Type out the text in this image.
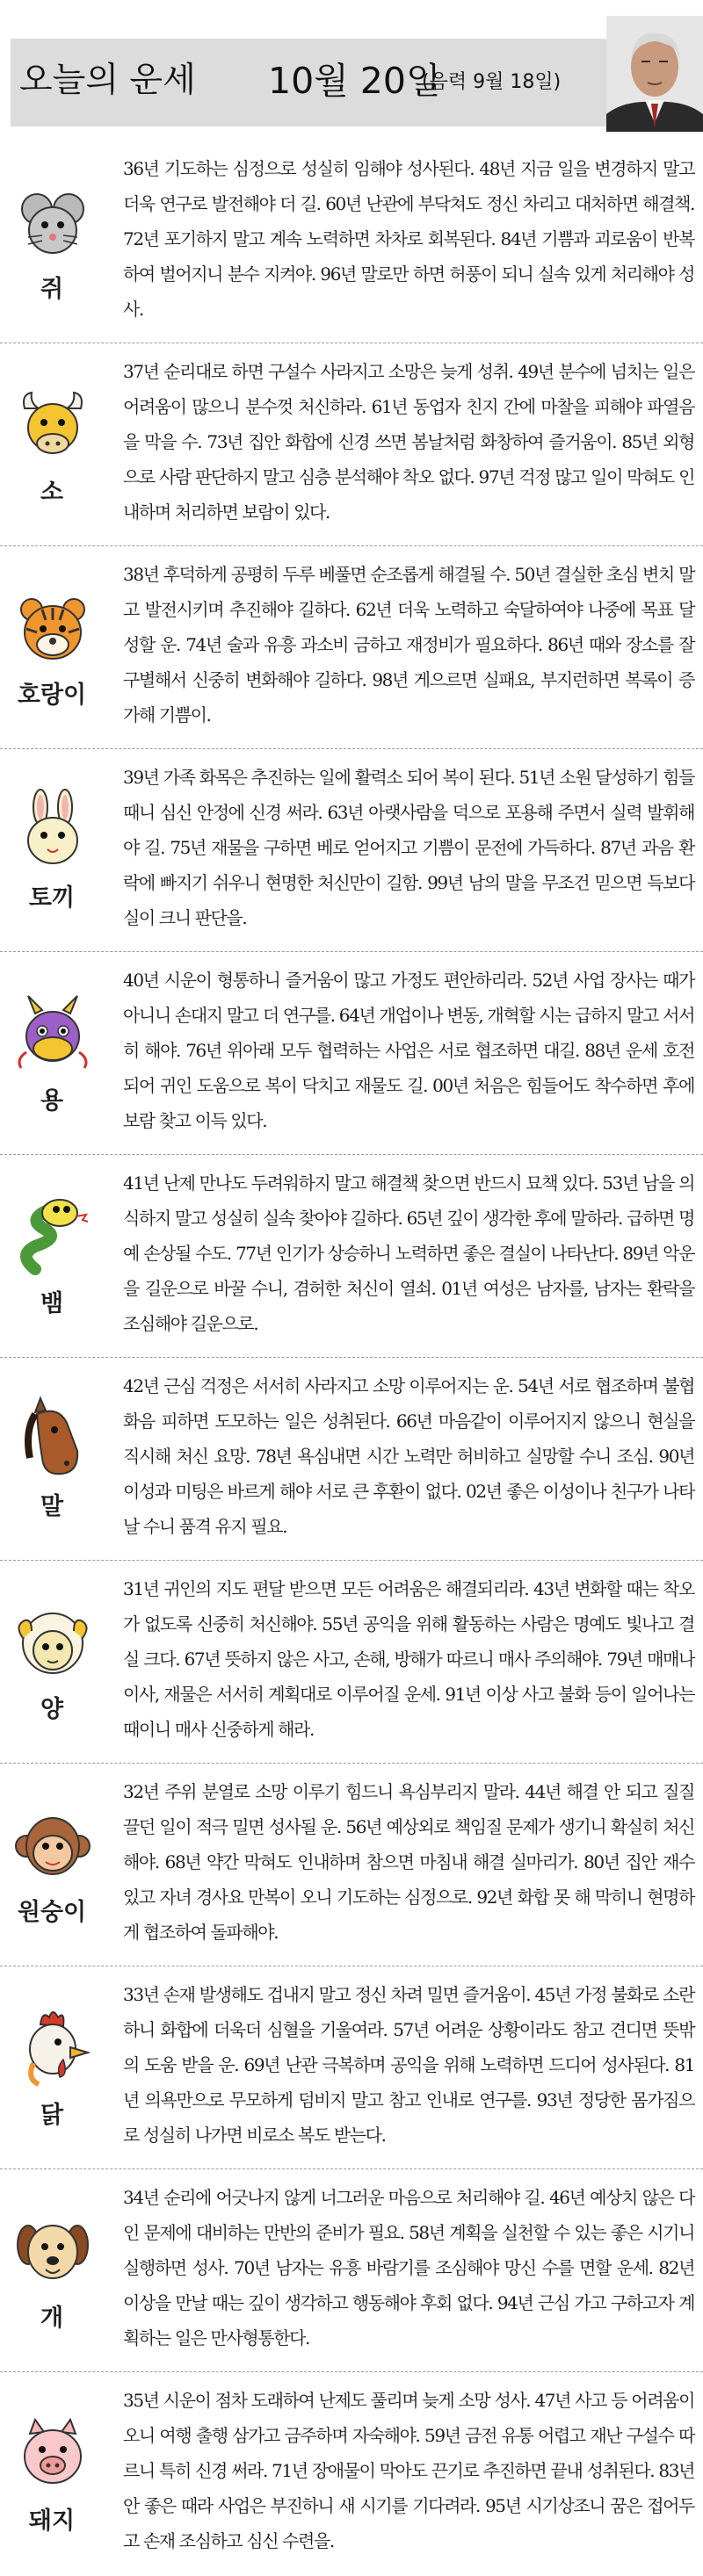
오늘의 운세 10월 20일
(음력 9월 18일)
쥐
36년 기도하는 심정으로 성실히 임해야 성사된다. 48년 지금 일을 변경하지 말고 더욱 연구로 발전해야 더 길. 60년 난관에 부닥쳐도 정신 차리고 대처하면 해결책. 72년 포기하지 말고 계속 노력하면 차차로 회복된다. 84년 기쁨과 괴로움이 반복하여 벌어지니 분수 지켜야. 96년 말로만 하면 허풍이 되니 실속 있게 처리해야 성사.
소
37년 순리대로 하면 구설수 사라지고 소망은 늦게 성취. 49년 분수에 넘치는 일은 어려움이 많으니 분수껏 처신하라. 61년 동업자 친지 간에 마찰을 피해야 파열음을 막을 수. 73년 집안 화합에 신경 쓰면 봄날처럼 화창하여 즐거움이. 85년 외형으로 사람 판단하지 말고 심층 분석해야 착오 없다. 97년 걱정 많고 일이 막혀도 인내하며 처리하면 보람이 있다.
호랑이
38년 후덕하게 공평히 두루 베풀면 순조롭게 해결될 수. 50년 결실한 초심 변치 말고 발전시키며 추진해야 길하다. 62년 더욱 노력하고 숙달하여야 나중에 목표 달성할 운. 74년 술과 유흥 과소비 금하고 재정비가 필요하다. 86년 때와 장소를 잘 구별해서 신중히 변화해야 길하다. 98년 게으르면 실패요, 부지런하면 복록이 증가해 기쁨이.
토끼
39년 가족 화목은 추진하는 일에 활력소 되어 복이 된다. 51년 소원 달성하기 힘들 때니 심신 안정에 신경 써라. 63년 아랫사람을 덕으로 포용해 주면서 실력 발휘해야 길. 75년 재물을 구하면 베로 얻어지고 기쁨이 문전에 가득하다. 87년 과음 환락에 빠지기 쉬우니 현명한 처신만이 길함. 99년 남의 말을 무조건 믿으면 득보다 실이 크니 판단을.
용
40년 시운이 형통하니 즐거움이 많고 가정도 편안하리라. 52년 사업 장사는 때가 아니니 손대지 말고 더 연구를. 64년 개업이나 변동, 개혁할 시는 급하지 말고 서서히 해야. 76년 위아래 모두 협력하는 사업은 서로 협조하면 대길. 88년 운세 호전되어 귀인 도움으로 복이 닥치고 재물도 길. 00년 처음은 힘들어도 착수하면 후에 보람 찾고 이득 있다.
뱀
41년 난제 만나도 두려워하지 말고 해결책 찾으면 반드시 묘책 있다. 53년 남을 의식하지 말고 성실히 실속 찾아야 길하다. 65년 깊이 생각한 후에 말하라. 급하면 명예 손상될 수도. 77년 인기가 상승하니 노력하면 좋은 결실이 나타난다. 89년 악운을 길운으로 바꿀 수니, 겸허한 처신이 열쇠. 01년 여성은 남자를, 남자는 환락을 조심해야 길운으로.
말
42년 근심 걱정은 서서히 사라지고 소망 이루어지는 운. 54년 서로 협조하며 불협화음 피하면 도모하는 일은 성취된다. 66년 마음같이 이루어지지 않으니 현실을 직시해 처신 요망. 78년 욕심내면 시간 노력만 허비하고 실망할 수니 조심. 90년 이성과 미팅은 바르게 해야 서로 큰 후환이 없다. 02년 좋은 이성이나 친구가 나타날 수니 품격 유지 필요.
양
31년 귀인의 지도 편달 받으면 모든 어려움은 해결되리라. 43년 변화할 때는 착오가 없도록 신중히 처신해야. 55년 공익을 위해 활동하는 사람은 명예도 빛나고 결실 크다. 67년 뜻하지 않은 사고, 손해, 방해가 따르니 매사 주의해야. 79년 매매나 이사, 재물은 서서히 계획대로 이루어질 운세. 91년 이상 사고 불화 등이 일어나는 때이니 매사 신중하게 해라.
원숭이
32년 주위 분열로 소망 이루기 힘드니 욕심부리지 말라. 44년 해결 안 되고 질질 끌던 일이 적극 밀면 성사될 운. 56년 예상외로 책임질 문제가 생기니 확실히 처신해야. 68년 약간 막혀도 인내하며 참으면 마침내 해결 실마리가. 80년 집안 재수 있고 자녀 경사요 만복이 오니 기도하는 심정으로. 92년 화합 못 해 막히니 현명하게 협조하여 돌파해야.
닭
33년 손재 발생해도 겁내지 말고 정신 차려 밀면 즐거움이. 45년 가정 불화로 소란하니 화합에 더욱더 심혈을 기울여라. 57년 어려운 상황이라도 참고 견디면 뜻밖의 도움 받을 운. 69년 난관 극복하며 공익을 위해 노력하면 드디어 성사된다. 81년 의욕만으로 무모하게 덤비지 말고 참고 인내로 연구를. 93년 정당한 몸가짐으로 성실히 나가면 비로소 복도 받는다.
개
34년 순리에 어긋나지 않게 너그러운 마음으로 처리해야 길. 46년 예상치 않은 다인 문제에 대비하는 만반의 준비가 필요. 58년 계획을 실천할 수 있는 좋은 시기니 실행하면 성사. 70년 남자는 유흥 바람기를 조심해야 망신 수를 면할 운세. 82년 이상을 만날 때는 깊이 생각하고 행동해야 후회 없다. 94년 근심 가고 구하고자 계획하는 일은 만사형통한다.
돼지
35년 시운이 점차 도래하여 난제도 풀리며 늦게 소망 성사. 47년 사고 등 어려움이 오니 여행 출행 삼가고 금주하며 자숙해야. 59년 금전 유통 어렵고 재난 구설수 따르니 특히 신경 써라. 71년 장애물이 막아도 끈기로 추진하면 끝내 성취된다. 83년 안 좋은 때라 사업은 부진하니 새 시기를 기다려라. 95년 시기상조니 꿈은 접어두고 손재 조심하고 심신 수련을.
